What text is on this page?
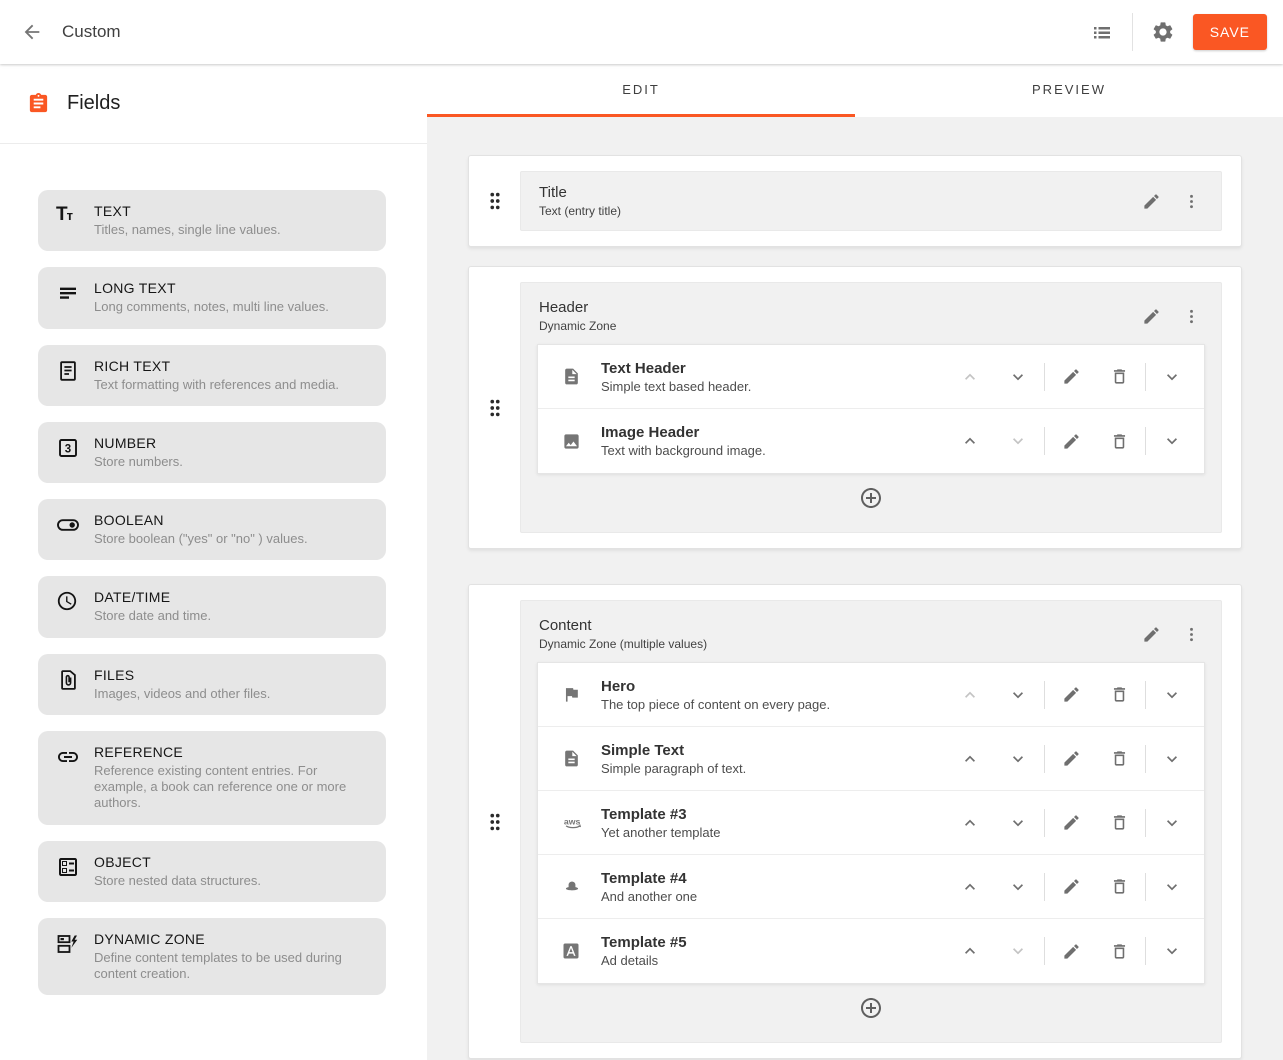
Custom	SAVE
Fields
Tт	TEXT
Titles, names, single line values.
LONG TEXT
Long comments, notes, multi line values.
RICH TEXT
Text formatting with references and media.
NUMBER
Store numbers.
BOOLEAN
Store boolean ("yes" or "no" ) values.
DATE/TIME
Store date and time.
FILES
Images, videos and other files.
REFERENCE
Reference existing content entries. For example, a book can reference one or more authors.
OBJECT
Store nested data structures.
DYNAMIC ZONE
Define content templates to be used during content creation.
EDIT	PREVIEW
Title
Text (entry title)
Header
Dynamic Zone
Text Header
Simple text based header.
Image Header
Text with background image.
Content
Dynamic Zone (multiple values)
Hero
The top piece of content on every page.
Simple Text
Simple paragraph of text.
Template #3
Yet another template
Template #4
And another one
Template #5
Ad details
